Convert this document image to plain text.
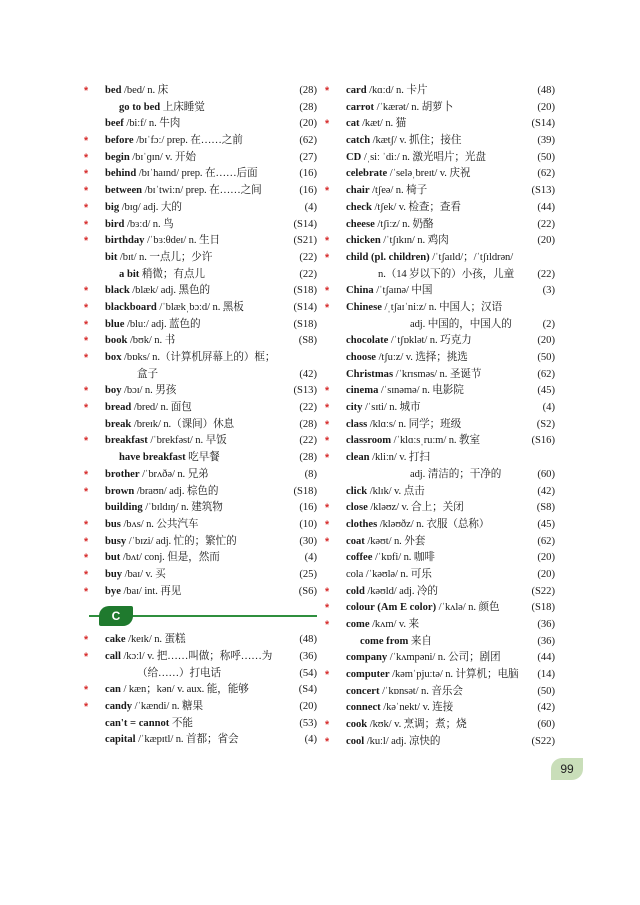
* bed /bed/ n. 床	(28)
go to bed 上床睡觉	(28)
beef /biːf/ n. 牛肉	(20)
* before /bɪˈfɔː/ prep. 在……之前	(62)
* begin /bɪˈɡɪn/ v. 开始	(27)
* behind /bɪˈhaɪnd/ prep. 在……后面	(16)
* between /bɪˈtwiːn/ prep. 在……之间	(16)
* big /bɪɡ/ adj. 大的	(4)
* bird /bɜːd/ n. 鸟	(S14)
* birthday /ˈbɜːθdeɪ/ n. 生日	(S21)
bit /bɪt/ n. 一点儿；少许	(22)
a bit 稍微；有点儿	(22)
* black /blæk/ adj. 黑色的	(S18)
* blackboard /ˈblækˌbɔːd/ n. 黑板	(S14)
* blue /bluː/ adj. 蓝色的	(S18)
* book /bʊk/ n. 书	(S8)
* box /bɒks/ n.（计算机屏幕上的）框；
盒子	(42)
* boy /bɔɪ/ n. 男孩	(S13)
* bread /bred/ n. 面包	(22)
break /breɪk/ n.（课间）休息	(28)
* breakfast /ˈbrekfəst/ n. 早饭	(22)
have breakfast 吃早餐	(28)
* brother /ˈbrʌðə/ n. 兄弟	(8)
* brown /braʊn/ adj. 棕色的	(S18)
building /ˈbɪldɪŋ/ n. 建筑物	(16)
* bus /bʌs/ n. 公共汽车	(10)
* busy /ˈbɪzi/ adj. 忙的；繁忙的	(30)
* but /bʌt/ conj. 但是，然而	(4)
* buy /baɪ/ v. 买	(25)
* bye /baɪ/ int. 再见	(S6)
C
* cake /keɪk/ n. 蛋糕	(48)
* call /kɔːl/ v. 把……叫做；称呼……为	(36)
（给……）打电话	(54)
* can / kæn；kən/ v. aux. 能，能够	(S4)
* candy /ˈkændi/ n. 糖果	(20)
can't = cannot 不能	(53)
capital /ˈkæpɪtl/ n. 首都；省会	(4)
* card /kɑːd/ n. 卡片	(48)
carrot /ˈkærət/ n. 胡萝卜	(20)
* cat /kæt/ n. 猫	(S14)
catch /kætʃ/ v. 抓住；接住	(39)
CD /ˌsiː ˈdiː/ n. 激光唱片；光盘	(50)
celebrate /ˈseləˌbreɪt/ v. 庆祝	(62)
* chair /tʃeə/ n. 椅子	(S13)
check /tʃek/ v. 检查；查看	(44)
cheese /tʃiːz/ n. 奶酪	(22)
* chicken /ˈtʃɪkɪn/ n. 鸡肉	(20)
* child (pl. children) /ˈtʃaɪld/；/ˈtʃɪldrən/
n.（14 岁以下的）小孩，儿童 (22)
* China /ˈtʃaɪnə/ 中国	(3)
* Chinese /ˌtʃaɪˈniːz/ n. 中国人；汉语
adj. 中国的，中国人的	(2)
chocolate /ˈtʃɒklət/ n. 巧克力	(20)
choose /tʃuːz/ v. 选择；挑选	(50)
Christmas /ˈkrɪsməs/ n. 圣诞节	(62)
* cinema /ˈsɪnəmə/ n. 电影院	(45)
* city /ˈsɪti/ n. 城市	(4)
* class /klɑːs/ n. 同学；班级	(S2)
* classroom /ˈklɑːsˌruːm/ n. 教室	(S16)
* clean /kliːn/ v. 打扫
adj. 清洁的；干净的	(60)
click /klɪk/ v. 点击	(42)
* close /kləʊz/ v. 合上；关闭	(S8)
* clothes /kləʊðz/ n. 衣服（总称）	(45)
* coat /kəʊt/ n. 外套	(62)
coffee /ˈkɒfi/ n. 咖啡	(20)
cola /ˈkəʊlə/ n. 可乐	(20)
* cold /kəʊld/ adj. 冷的	(S22)
* colour (Am E color) /ˈkʌlə/ n. 颜色	(S18)
* come /kʌm/ v. 来	(36)
come from 来自	(36)
company /ˈkʌmpəni/ n. 公司；剧团	(44)
* computer /kəmˈpjuːtə/ n. 计算机；电脑 (14)
concert /ˈkɒnsət/ n. 音乐会	(50)
connect /kəˈnekt/ v. 连接	(42)
* cook /kʊk/ v. 烹调；煮；烧	(60)
* cool /kuːl/ adj. 凉快的	(S22)
99
